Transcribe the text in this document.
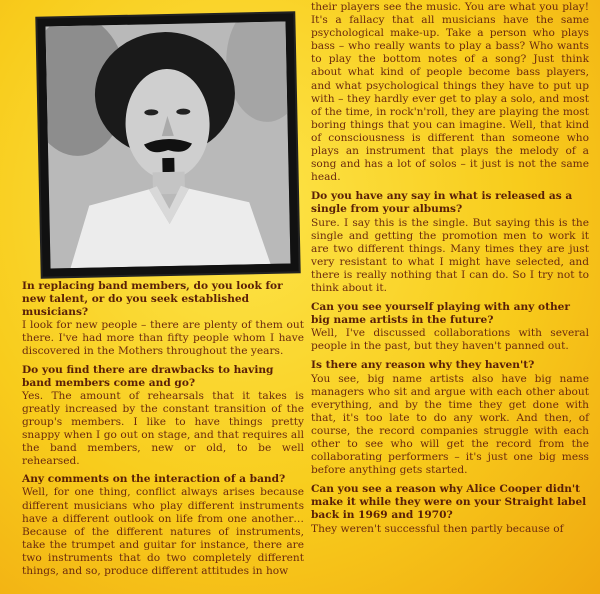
In replacing band members, do you look for new talent, or do you seek established musicians?

I look for new people – there are plenty of them out there. I've had more than fifty people whom I have discovered in the Mothers throughout the years.

Do you find there are drawbacks to having band members come and go?

Yes. The amount of rehearsals that it takes is greatly increased by the constant transition of the group's members. I like to have things pretty snappy when I go out on stage, and that requires all the band members, new or old, to be well rehearsed.

Any comments on the interaction of a band?

Well, for one thing, conflict always arises because different musicians who play different instruments have a different outlook on life from one another… Because of the different natures of instruments, take the trumpet and guitar for instance, there are two instruments that do two completely different things, and so, produce different attitudes in how

their players see the music. You are what you play! It's a fallacy that all musicians have the same psychological make-up. Take a person who plays bass – who really wants to play a bass? Who wants to play the bottom notes of a song? Just think about what kind of people become bass players, and what psychological things they have to put up with – they hardly ever get to play a solo, and most of the time, in rock'n'roll, they are playing the most boring things that you can imagine. Well, that kind of consciousness is different than someone who plays an instrument that plays the melody of a song and has a lot of solos – it just is not the same head.

Do you have any say in what is released as a single from your albums?

Sure. I say this is the single. But saying this is the single and getting the promotion men to work it are two different things. Many times they are just very resistant to what I might have selected, and there is really nothing that I can do. So I try not to think about it.

Can you see yourself playing with any other big name artists in the future?

Well, I've discussed collaborations with several people in the past, but they haven't panned out.

Is there any reason why they haven't?

You see, big name artists also have big name managers who sit and argue with each other about everything, and by the time they get done with that, it's too late to do any work. And then, of course, the record companies struggle with each other to see who will get the record from the collaborating performers – it's just one big mess before anything gets started.

Can you see a reason why Alice Cooper didn't make it while they were on your Straight label back in 1969 and 1970?

They weren't successful then partly because of
